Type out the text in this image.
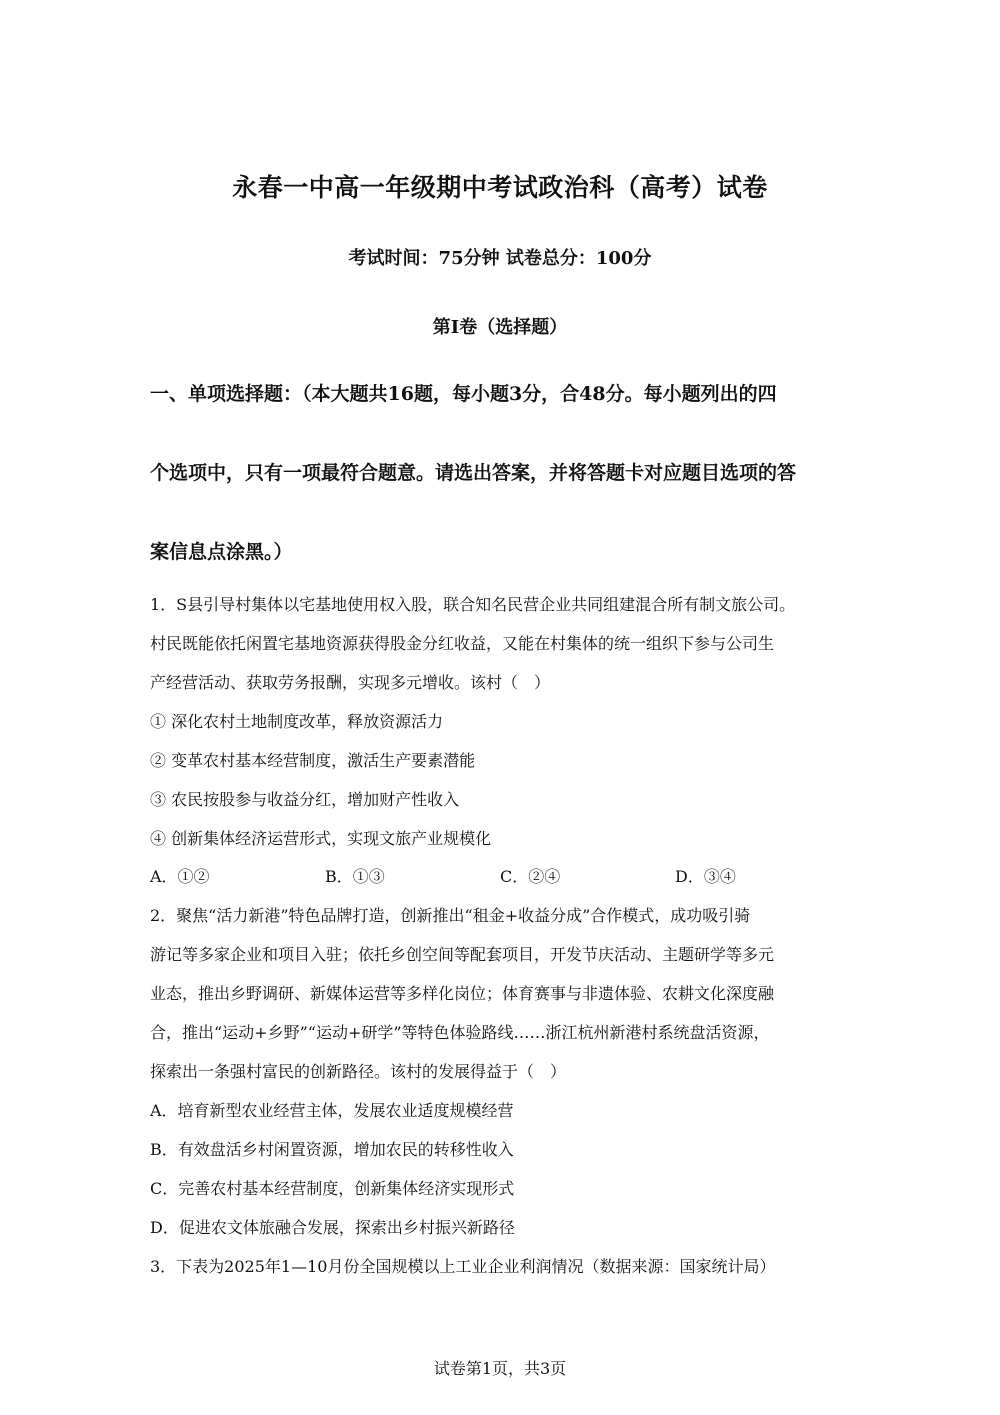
永春一中高一年级期中考试政治科（高考）试卷
考试时间：75分钟 试卷总分：100分
第Ⅰ卷（选择题）
一、单项选择题：（本大题共16题，每小题3分，合48分。每小题列出的四
个选项中，只有一项最符合题意。请选出答案，并将答题卡对应题目选项的答
案信息点涂黑。）
1．S县引导村集体以宅基地使用权入股，联合知名民营企业共同组建混合所有制文旅公司。
村民既能依托闲置宅基地资源获得股金分红收益，又能在村集体的统一组织下参与公司生
产经营活动、获取劳务报酬，实现多元增收。该村（　）
① 深化农村土地制度改革，释放资源活力
② 变革农村基本经营制度，激活生产要素潜能
③ 农民按股参与收益分红，增加财产性收入
④ 创新集体经济运营形式，实现文旅产业规模化
A．①②	B．①③	C．②④	D．③④
2．聚焦“活力新港”特色品牌打造，创新推出“租金+收益分成”合作模式，成功吸引骑
游记等多家企业和项目入驻；依托乡创空间等配套项目，开发节庆活动、主题研学等多元
业态，推出乡野调研、新媒体运营等多样化岗位；体育赛事与非遗体验、农耕文化深度融
合，推出“运动+乡野”“运动+研学”等特色体验路线……浙江杭州新港村系统盘活资源，
探索出一条强村富民的创新路径。该村的发展得益于（　）
A．培育新型农业经营主体，发展农业适度规模经营
B．有效盘活乡村闲置资源，增加农民的转移性收入
C．完善农村基本经营制度，创新集体经济实现形式
D．促进农文体旅融合发展，探索出乡村振兴新路径
3．下表为2025年1—10月份全国规模以上工业企业利润情况（数据来源：国家统计局）
试卷第1页，共3页
